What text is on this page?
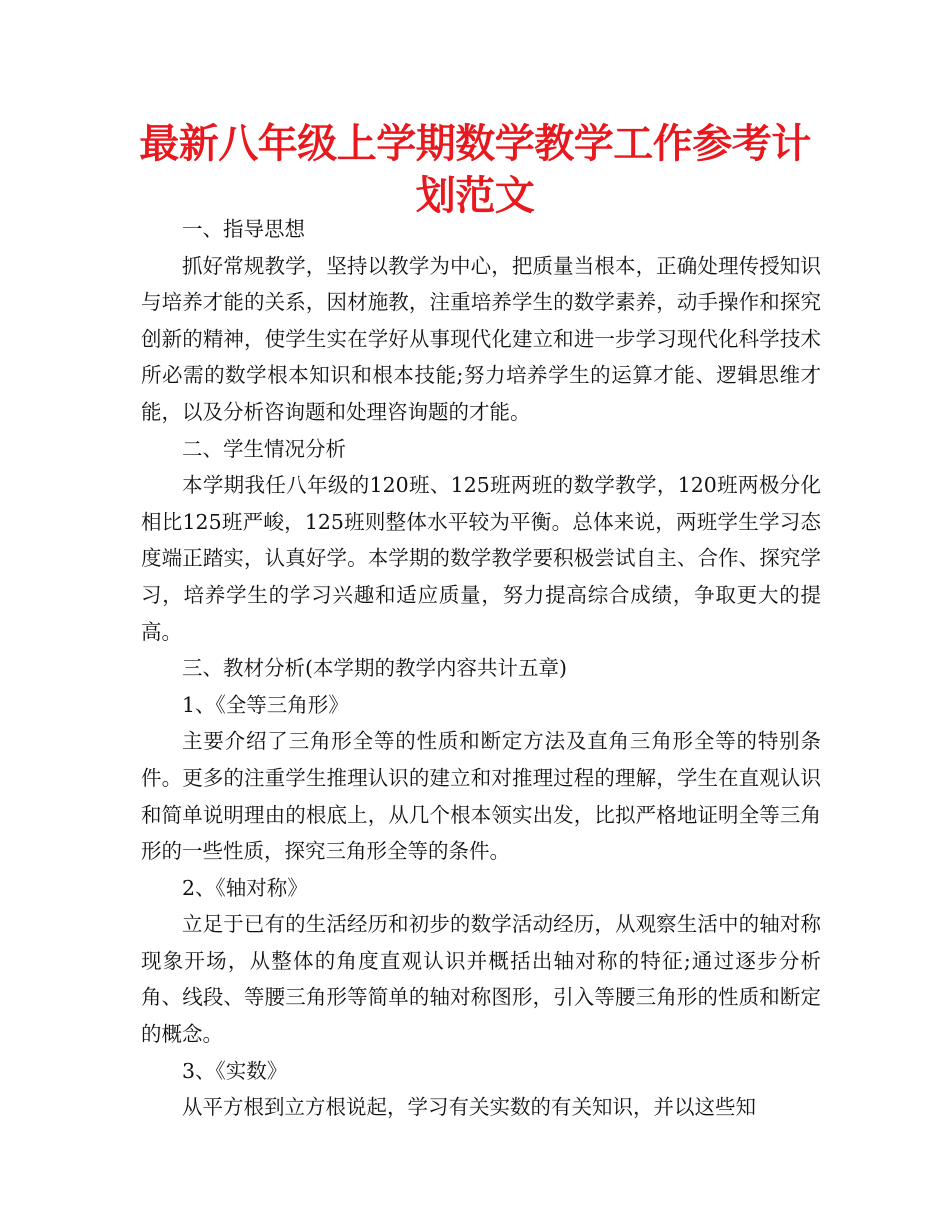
最新八年级上学期数学教学工作参考计划范文

一、指导思想

抓好常规教学，坚持以教学为中心，把质量当根本，正确处理传授知识与培养才能的关系，因材施教，注重培养学生的数学素养，动手操作和探究创新的精神，使学生实在学好从事现代化建立和进一步学习现代化科学技术所必需的数学根本知识和根本技能;努力培养学生的运算才能、逻辑思维才能，以及分析咨询题和处理咨询题的才能。

二、学生情况分析

本学期我任八年级的120班、125班两班的数学教学，120班两极分化相比125班严峻，125班则整体水平较为平衡。总体来说，两班学生学习态度端正踏实，认真好学。本学期的数学教学要积极尝试自主、合作、探究学习，培养学生的学习兴趣和适应质量，努力提高综合成绩，争取更大的提高。

三、教材分析(本学期的教学内容共计五章)

1、《全等三角形》

主要介绍了三角形全等的性质和断定方法及直角三角形全等的特别条件。更多的注重学生推理认识的建立和对推理过程的理解，学生在直观认识和简单说明理由的根底上，从几个根本领实出发，比拟严格地证明全等三角形的一些性质，探究三角形全等的条件。

2、《轴对称》

立足于已有的生活经历和初步的数学活动经历，从观察生活中的轴对称现象开场，从整体的角度直观认识并概括出轴对称的特征;通过逐步分析角、线段、等腰三角形等简单的轴对称图形，引入等腰三角形的性质和断定的概念。

3、《实数》

从平方根到立方根说起，学习有关实数的有关知识，并以这些知
